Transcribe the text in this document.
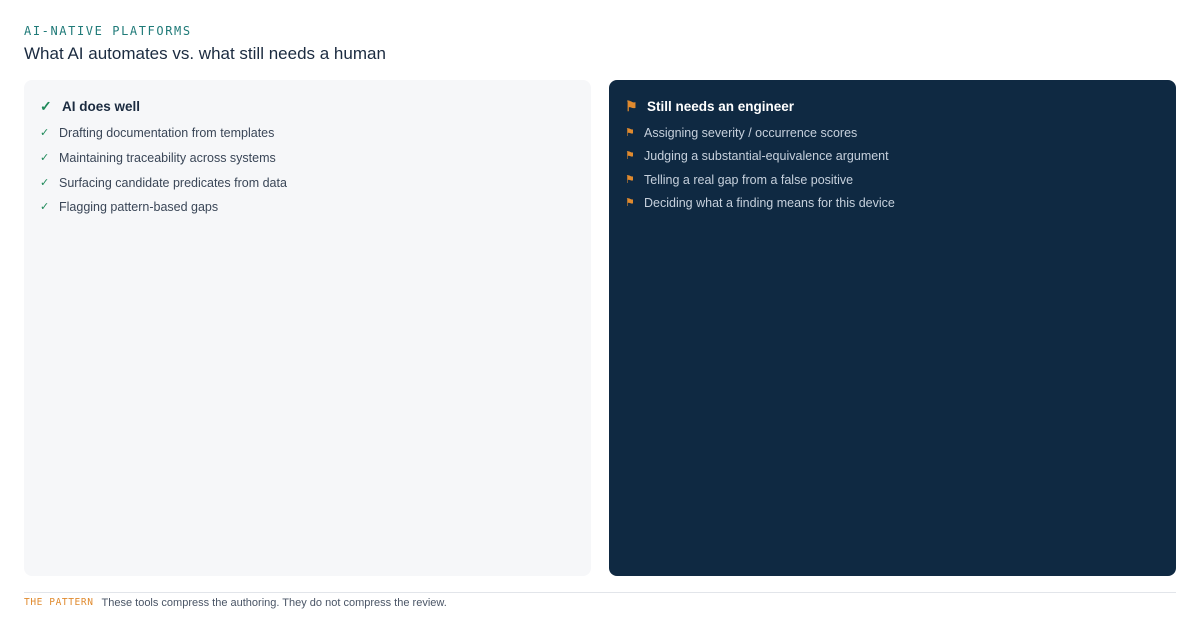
AI-NATIVE PLATFORMS
What AI automates vs. what still needs a human
✓ AI does well
✓ Drafting documentation from templates
✓ Maintaining traceability across systems
✓ Surfacing candidate predicates from data
✓ Flagging pattern-based gaps
⚑ Still needs an engineer
⚑ Assigning severity / occurrence scores
⚑ Judging a substantial-equivalence argument
⚑ Telling a real gap from a false positive
⚑ Deciding what a finding means for this device
THE PATTERN These tools compress the authoring. They do not compress the review.
